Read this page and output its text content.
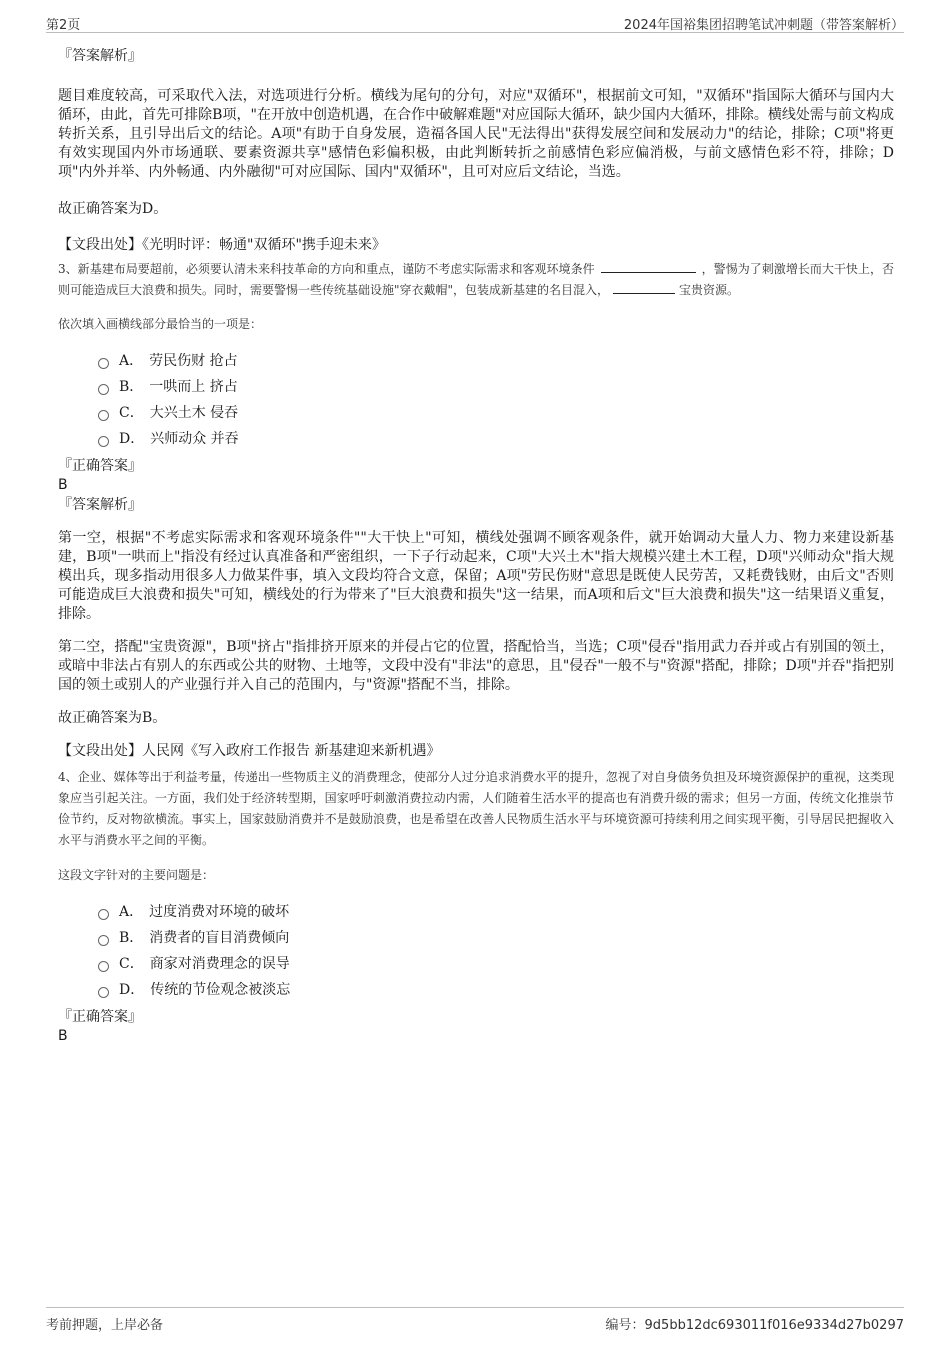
第2页	2024年国裕集团招聘笔试冲刺题（带答案解析）

『答案解析』

题目难度较高，可采取代入法，对选项进行分析。横线为尾句的分句，对应"双循环"，根据前文可知，"双循环"指国际大循环与国内大循环，由此，首先可排除B项，"在开放中创造机遇，在合作中破解难题"对应国际大循环，缺少国内大循环，排除。横线处需与前文构成转折关系，且引导出后文的结论。A项"有助于自身发展，造福各国人民"无法得出"获得发展空间和发展动力"的结论，排除；C项"将更有效实现国内外市场通联、要素资源共享"感情色彩偏积极，由此判断转折之前感情色彩应偏消极，与前文感情色彩不符，排除；D项"内外并举、内外畅通、内外融彻"可对应国际、国内"双循环"，且可对应后文结论，当选。

故正确答案为D。

【文段出处】《光明时评：畅通"双循环"携手迎未来》

3、新基建布局要超前，必须要认清未来科技革命的方向和重点，谨防不考虑实际需求和客观环境条件	，警惕为了刺激增长而大干快上，否则可能造成巨大浪费和损失。同时，需要警惕一些传统基础设施"穿衣戴帽"，包装成新基建的名目混入，	宝贵资源。

依次填入画横线部分最恰当的一项是：

A． 劳民伤财 抢占
B． 一哄而上 挤占
C． 大兴土木 侵吞
D． 兴师动众 并吞

『正确答案』

B

『答案解析』

第一空，根据"不考虑实际需求和客观环境条件""大干快上"可知，横线处强调不顾客观条件，就开始调动大量人力、物力来建设新基建，B项"一哄而上"指没有经过认真准备和严密组织，一下子行动起来，C项"大兴土木"指大规模兴建土木工程，D项"兴师动众"指大规模出兵，现多指动用很多人力做某件事，填入文段均符合文意，保留；A项"劳民伤财"意思是既使人民劳苦，又耗费钱财，由后文"否则可能造成巨大浪费和损失"可知，横线处的行为带来了"巨大浪费和损失"这一结果，而A项和后文"巨大浪费和损失"这一结果语义重复，排除。

第二空，搭配"宝贵资源"，B项"挤占"指排挤开原来的并侵占它的位置，搭配恰当，当选；C项"侵吞"指用武力吞并或占有别国的领土，或暗中非法占有别人的东西或公共的财物、土地等，文段中没有"非法"的意思，且"侵吞"一般不与"资源"搭配，排除；D项"并吞"指把别国的领土或别人的产业强行并入自己的范围内，与"资源"搭配不当，排除。

故正确答案为B。

【文段出处】人民网《写入政府工作报告 新基建迎来新机遇》

4、企业、媒体等出于利益考量，传递出一些物质主义的消费理念，使部分人过分追求消费水平的提升，忽视了对自身债务负担及环境资源保护的重视，这类现象应当引起关注。一方面，我们处于经济转型期，国家呼吁刺激消费拉动内需，人们随着生活水平的提高也有消费升级的需求；但另一方面，传统文化推崇节俭节约，反对物欲横流。事实上，国家鼓励消费并不是鼓励浪费，也是希望在改善人民物质生活水平与环境资源可持续利用之间实现平衡，引导居民把握收入水平与消费水平之间的平衡。

这段文字针对的主要问题是：

A． 过度消费对环境的破坏
B． 消费者的盲目消费倾向
C． 商家对消费理念的误导
D． 传统的节俭观念被淡忘

『正确答案』

B

考前押题，上岸必备	编号：9d5bb12dc693011f016e9334d27b0297
